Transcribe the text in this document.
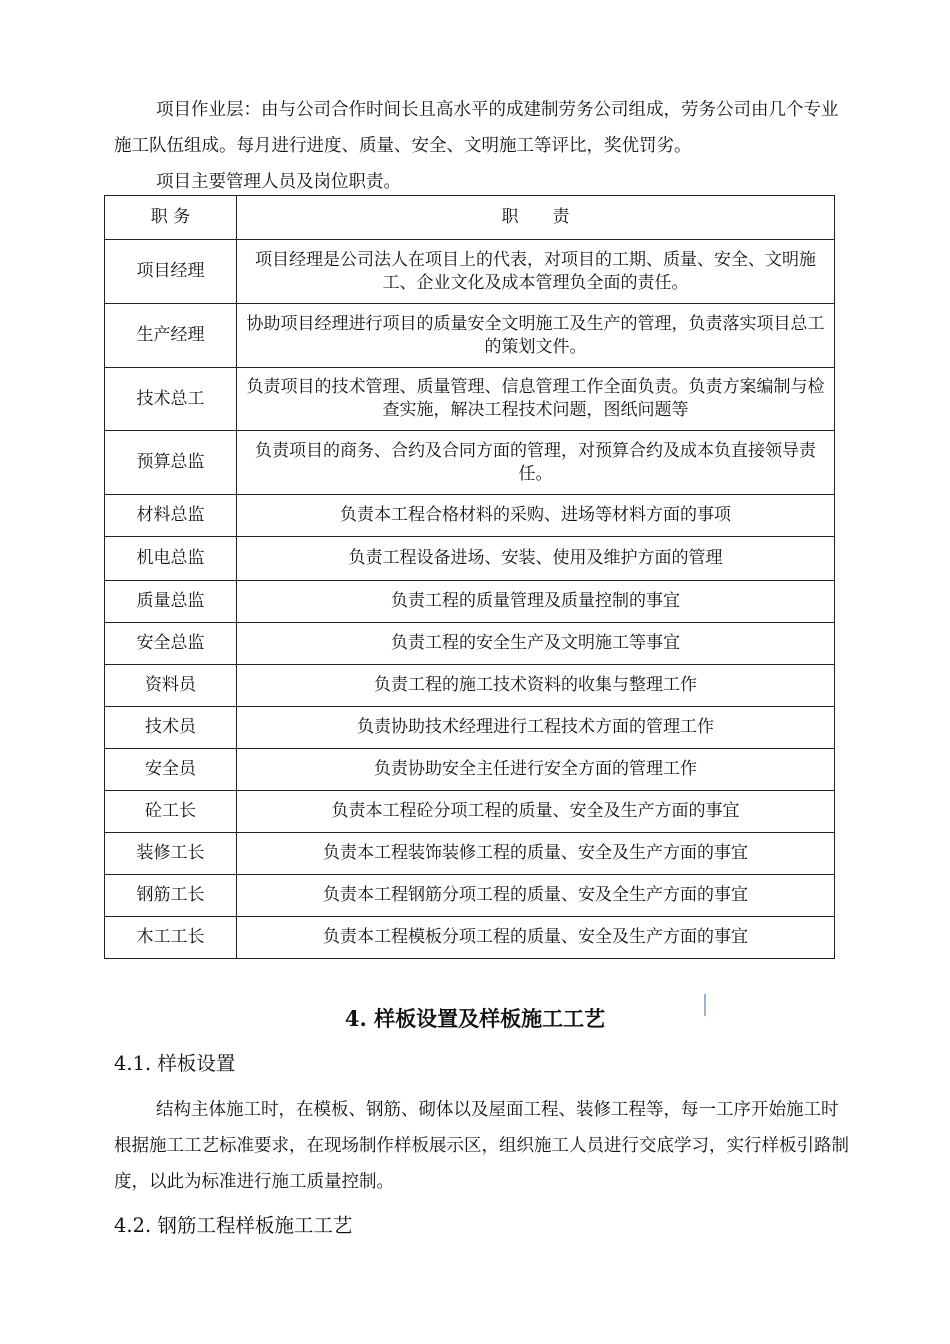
项目作业层：由与公司合作时间长且高水平的成建制劳务公司组成，劳务公司由几个专业施工队伍组成。每月进行进度、质量、安全、文明施工等评比，奖优罚劣。

项目主要管理人员及岗位职责。

职 务	职　　责
项目经理	项目经理是公司法人在项目上的代表，对项目的工期、质量、安全、文明施工、企业文化及成本管理负全面的责任。
生产经理	协助项目经理进行项目的质量安全文明施工及生产的管理，负责落实项目总工的策划文件。
技术总工	负责项目的技术管理、质量管理、信息管理工作全面负责。负责方案编制与检查实施，解决工程技术问题，图纸问题等
预算总监	负责项目的商务、合约及合同方面的管理，对预算合约及成本负直接领导责任。
材料总监	负责本工程合格材料的采购、进场等材料方面的事项
机电总监	负责工程设备进场、安装、使用及维护方面的管理
质量总监	负责工程的质量管理及质量控制的事宜
安全总监	负责工程的安全生产及文明施工等事宜
资料员	负责工程的施工技术资料的收集与整理工作
技术员	负责协助技术经理进行工程技术方面的管理工作
安全员	负责协助安全主任进行安全方面的管理工作
砼工长	负责本工程砼分项工程的质量、安全及生产方面的事宜
装修工长	负责本工程装饰装修工程的质量、安全及生产方面的事宜
钢筋工长	负责本工程钢筋分项工程的质量、安及全生产方面的事宜
木工工长	负责本工程模板分项工程的质量、安全及生产方面的事宜
4. 样板设置及样板施工工艺
4.1. 样板设置

结构主体施工时，在模板、钢筋、砌体以及屋面工程、装修工程等，每一工序开始施工时根据施工工艺标准要求，在现场制作样板展示区，组织施工人员进行交底学习，实行样板引路制度，以此为标准进行施工质量控制。

4.2. 钢筋工程样板施工工艺
